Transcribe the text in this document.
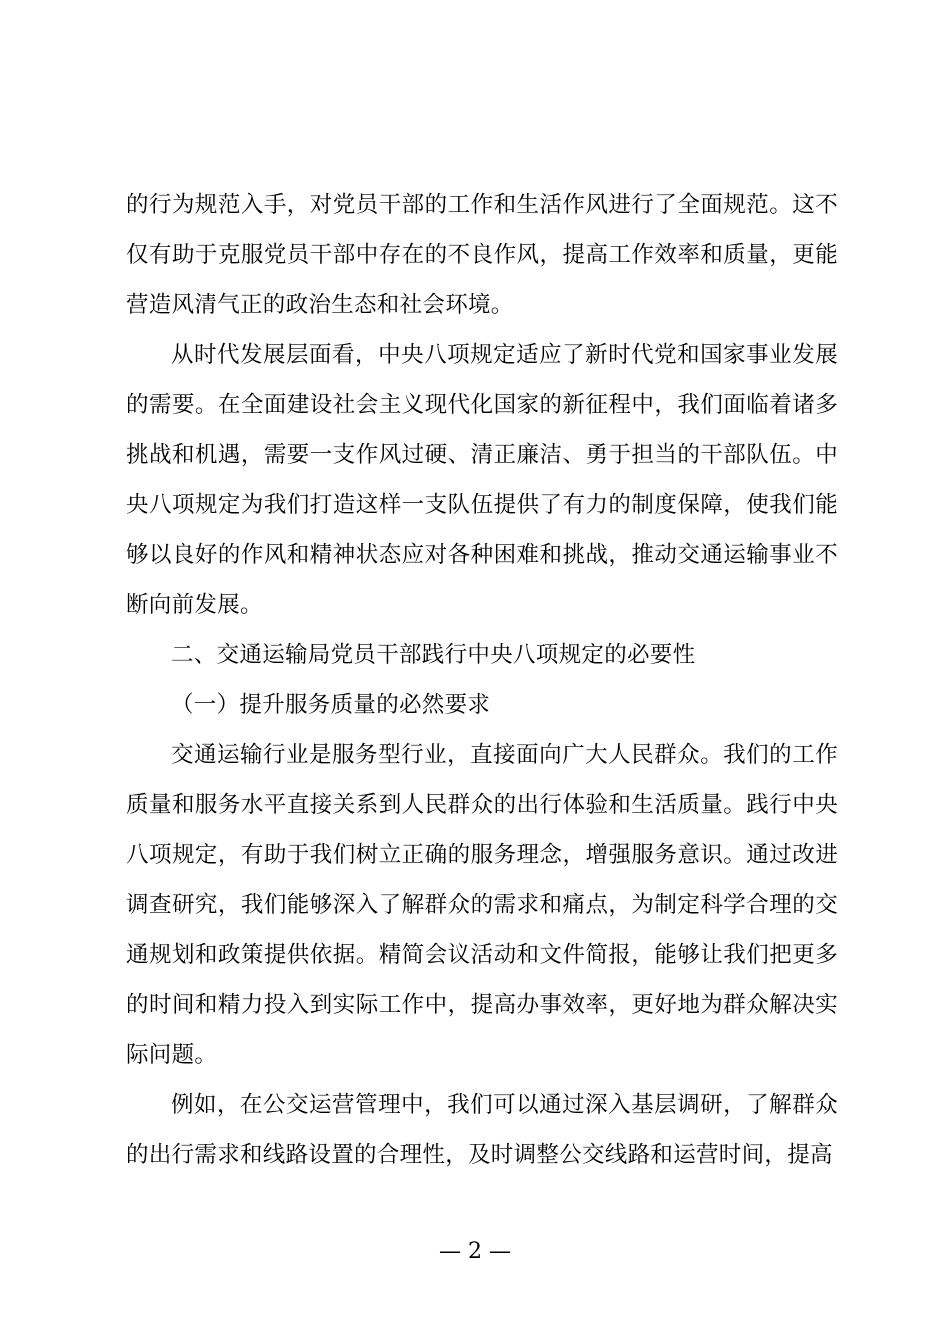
的行为规范入手，对党员干部的工作和生活作风进行了全面规范。这不仅有助于克服党员干部中存在的不良作风，提高工作效率和质量，更能营造风清气正的政治生态和社会环境。

从时代发展层面看，中央八项规定适应了新时代党和国家事业发展的需要。在全面建设社会主义现代化国家的新征程中，我们面临着诸多挑战和机遇，需要一支作风过硬、清正廉洁、勇于担当的干部队伍。中央八项规定为我们打造这样一支队伍提供了有力的制度保障，使我们能够以良好的作风和精神状态应对各种困难和挑战，推动交通运输事业不断向前发展。

二、交通运输局党员干部践行中央八项规定的必要性

（一）提升服务质量的必然要求

交通运输行业是服务型行业，直接面向广大人民群众。我们的工作质量和服务水平直接关系到人民群众的出行体验和生活质量。践行中央八项规定，有助于我们树立正确的服务理念，增强服务意识。通过改进调查研究，我们能够深入了解群众的需求和痛点，为制定科学合理的交通规划和政策提供依据。精简会议活动和文件简报，能够让我们把更多的时间和精力投入到实际工作中，提高办事效率，更好地为群众解决实际问题。

例如，在公交运营管理中，我们可以通过深入基层调研，了解群众的出行需求和线路设置的合理性，及时调整公交线路和运营时间，提高

— 2 —
